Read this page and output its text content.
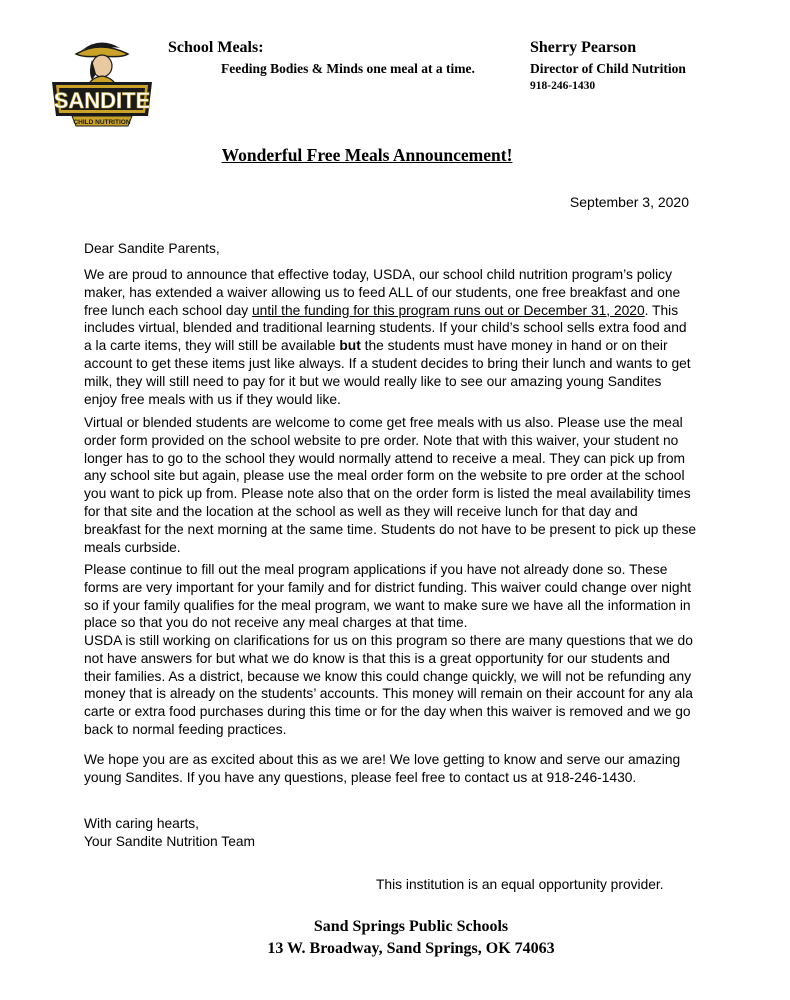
SANDITE
CHILD NUTRITION
School Meals:
Feeding Bodies & Minds one meal at a time.
Sherry Pearson
Director of Child Nutrition
918-246-1430
Wonderful Free Meals Announcement!
September 3, 2020
Dear Sandite Parents,

We are proud to announce that effective today, USDA, our school child nutrition program’s policy maker, has extended a waiver allowing us to feed ALL of our students, one free breakfast and one free lunch each school day until the funding for this program runs out or December 31, 2020. This includes virtual, blended and traditional learning students. If your child’s school sells extra food and a la carte items, they will still be available but the students must have money in hand or on their account to get these items just like always. If a student decides to bring their lunch and wants to get milk, they will still need to pay for it but we would really like to see our amazing young Sandites enjoy free meals with us if they would like.

Virtual or blended students are welcome to come get free meals with us also. Please use the meal order form provided on the school website to pre order. Note that with this waiver, your student no longer has to go to the school they would normally attend to receive a meal. They can pick up from any school site but again, please use the meal order form on the website to pre order at the school you want to pick up from. Please note also that on the order form is listed the meal availability times for that site and the location at the school as well as they will receive lunch for that day and breakfast for the next morning at the same time. Students do not have to be present to pick up these meals curbside.

Please continue to fill out the meal program applications if you have not already done so. These forms are very important for your family and for district funding. This waiver could change over night so if your family qualifies for the meal program, we want to make sure we have all the information in place so that you do not receive any meal charges at that time.

USDA is still working on clarifications for us on this program so there are many questions that we do not have answers for but what we do know is that this is a great opportunity for our students and their families. As a district, because we know this could change quickly, we will not be refunding any money that is already on the students’ accounts. This money will remain on their account for any ala carte or extra food purchases during this time or for the day when this waiver is removed and we go back to normal feeding practices.

We hope you are as excited about this as we are! We love getting to know and serve our amazing young Sandites. If you have any questions, please feel free to contact us at 918-246-1430.

With caring hearts,
Your Sandite Nutrition Team
This institution is an equal opportunity provider.
Sand Springs Public Schools
13 W. Broadway, Sand Springs, OK 74063
